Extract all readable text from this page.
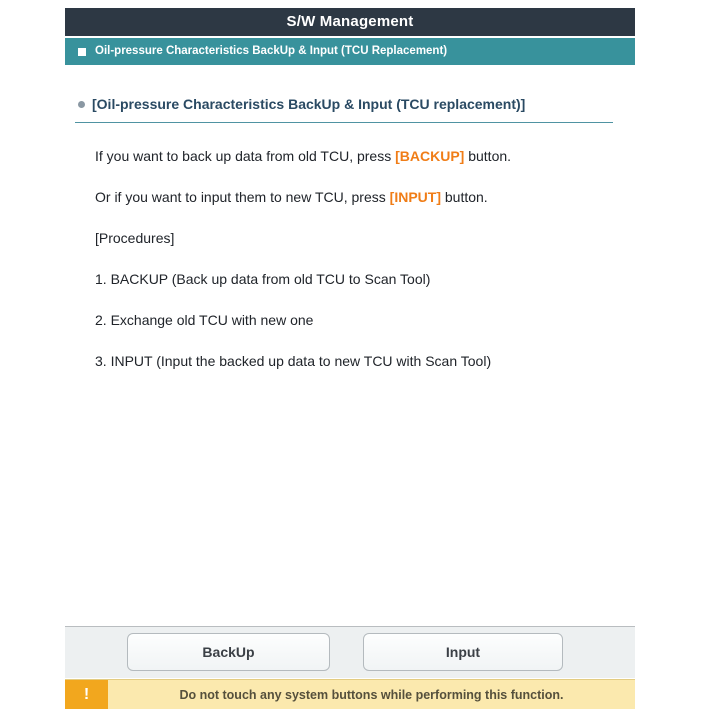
S/W Management
Oil-pressure Characteristics BackUp & Input (TCU Replacement)
[Oil-pressure Characteristics BackUp & Input (TCU replacement)]

If you want to back up data from old TCU, press [BACKUP] button.

Or if you want to input them to new TCU, press [INPUT] button.

[Procedures]

1. BACKUP (Back up data from old TCU to Scan Tool)

2. Exchange old TCU with new one

3. INPUT (Input the backed up data to new TCU with Scan Tool)

BackUp	Input
!	Do not touch any system buttons while performing this function.
